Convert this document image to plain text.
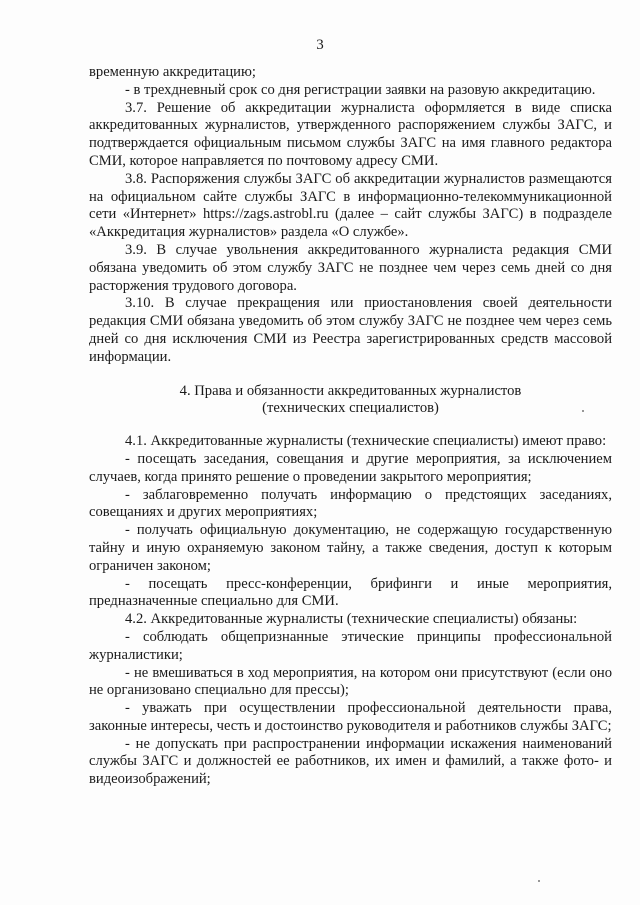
3

временную аккредитацию;

- в трехдневный срок со дня регистрации заявки на разовую аккредитацию.

3.7. Решение об аккредитации журналиста оформляется в виде списка аккредитованных журналистов, утвержденного распоряжением службы ЗАГС, и подтверждается официальным письмом службы ЗАГС на имя главного редактора СМИ, которое направляется по почтовому адресу СМИ.

3.8. Распоряжения службы ЗАГС об аккредитации журналистов размещаются на официальном сайте службы ЗАГС в информационно-телекоммуникационной сети «Интернет» https://zags.astrobl.ru (далее – сайт службы ЗАГС) в подразделе «Аккредитация журналистов» раздела «О службе».

3.9. В случае увольнения аккредитованного журналиста редакция СМИ обязана уведомить об этом службу ЗАГС не позднее чем через семь дней со дня расторжения трудового договора.

3.10. В случае прекращения или приостановления своей деятельности редакция СМИ обязана уведомить об этом службу ЗАГС не позднее чем через семь дней со дня исключения СМИ из Реестра зарегистрированных средств массовой информации.

4. Права и обязанности аккредитованных журналистов
(технических специалистов)

4.1. Аккредитованные журналисты (технические специалисты) имеют право:

- посещать заседания, совещания и другие мероприятия, за исключением случаев, когда принято решение о проведении закрытого мероприятия;

- заблаговременно получать информацию о предстоящих заседаниях, совещаниях и других мероприятиях;

- получать официальную документацию, не содержащую государственную тайну и иную охраняемую законом тайну, а также сведения, доступ к которым ограничен законом;

- посещать пресс-конференции, брифинги и иные мероприятия, предназначенные специально для СМИ.

4.2. Аккредитованные журналисты (технические специалисты) обязаны:

- соблюдать общепризнанные этические принципы профессиональной журналистики;

- не вмешиваться в ход мероприятия, на котором они присутствуют (если оно не организовано специально для прессы);

- уважать при осуществлении профессиональной деятельности права, законные интересы, честь и достоинство руководителя и работников службы ЗАГС;

- не допускать при распространении информации искажения наименований службы ЗАГС и должностей ее работников, их имен и фамилий, а также фото- и видеоизображений;
